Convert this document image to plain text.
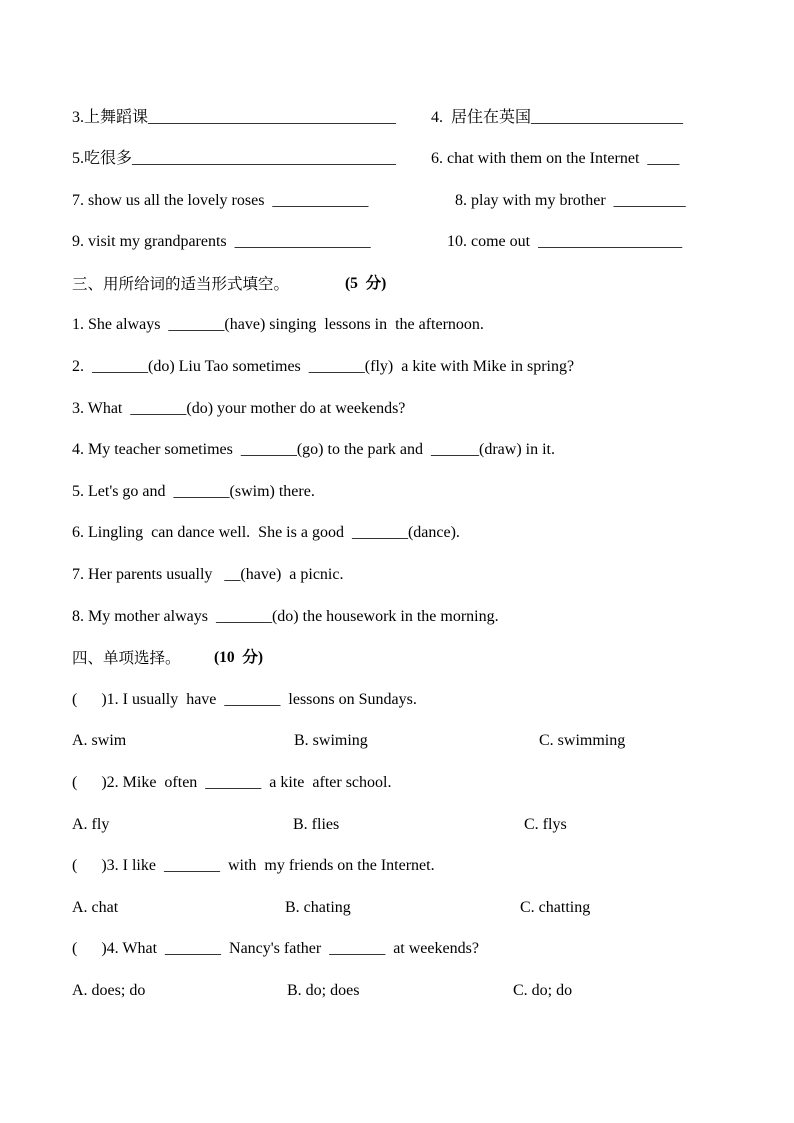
3.上舞蹈课_______________________________

4.  居住在英国___________________

5.吃很多_________________________________

6. chat with them on the Internet  ____

7. show us all the lovely roses  ____________

	8. play with my brother  _________

9. visit my grandparents  _________________

	10. come out  __________________

三、用所给词的适当形式填空。

	(5  分)

1. She always  _______(have) singing  lessons in  the afternoon.
2.  _______(do) Liu Tao sometimes  _______(fly)  a kite with Mike in spring?
3. What  _______(do) your mother do at weekends?
4. My teacher sometimes  _______(go) to the park and  ______(draw) in it.
5. Let's go and  _______(swim) there.
6. Lingling  can dance well.  She is a good  _______(dance).
7. Her parents usually   __(have)  a picnic.
8. My mother always  _______(do) the housework in the morning.

四、单项选择。

(10  分)

(      )1. I usually  have  _______  lessons on Sundays.

A. swim

	B. swiming

	C. swimming

(      )2. Mike  often  _______  a kite  after school.

A. fly

	B. flies

	C. flys

(      )3. I like  _______  with  my friends on the Internet.

A. chat

	B. chating

	C. chatting

(      )4. What  _______  Nancy's father  _______  at weekends?

A. does; do

	B. do; does

	C. do; do
